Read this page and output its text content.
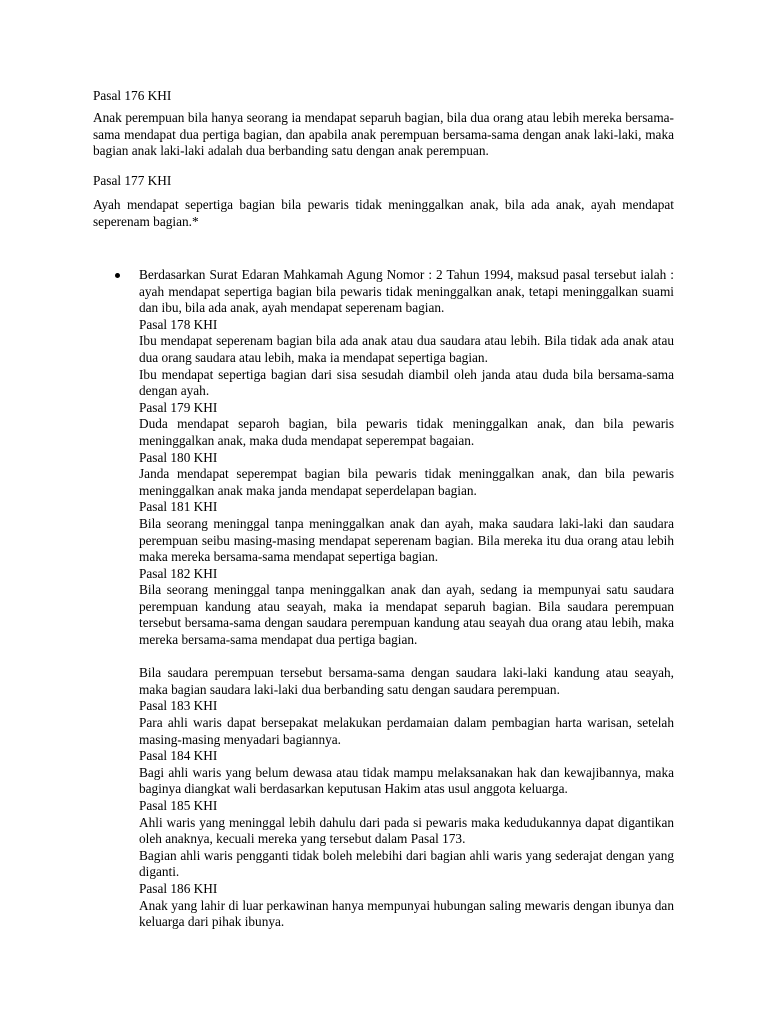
Pasal 176 KHI

Anak perempuan bila hanya seorang ia mendapat separuh bagian, bila dua orang atau lebih mereka bersama-sama mendapat dua pertiga bagian, dan apabila anak perempuan bersama-sama dengan anak laki-laki, maka bagian anak laki-laki adalah dua berbanding satu dengan anak perempuan.

Pasal 177 KHI

Ayah mendapat sepertiga bagian bila pewaris tidak meninggalkan anak, bila ada anak, ayah mendapat seperenam bagian.*

Berdasarkan Surat Edaran Mahkamah Agung Nomor : 2 Tahun 1994, maksud pasal tersebut ialah : ayah mendapat sepertiga bagian bila pewaris tidak meninggalkan anak, tetapi meninggalkan suami dan ibu, bila ada anak, ayah mendapat seperenam bagian.

Pasal 178 KHI

Ibu mendapat seperenam bagian bila ada anak atau dua saudara atau lebih. Bila tidak ada anak atau dua orang saudara atau lebih, maka ia mendapat sepertiga bagian.

Ibu mendapat sepertiga bagian dari sisa sesudah diambil oleh janda atau duda bila bersama-sama dengan ayah.

Pasal 179 KHI

Duda mendapat separoh bagian, bila pewaris tidak meninggalkan anak, dan bila pewaris meninggalkan anak, maka duda mendapat seperempat bagaian.

Pasal 180 KHI

Janda mendapat seperempat bagian bila pewaris tidak meninggalkan anak, dan bila pewaris meninggalkan anak maka janda mendapat seperdelapan bagian.

Pasal 181 KHI

Bila seorang meninggal tanpa meninggalkan anak dan ayah, maka saudara laki-laki dan saudara perempuan seibu masing-masing mendapat seperenam bagian. Bila mereka itu dua orang atau lebih maka mereka bersama-sama mendapat sepertiga bagian.

Pasal 182 KHI

Bila seorang meninggal tanpa meninggalkan anak dan ayah, sedang ia mempunyai satu saudara perempuan kandung atau seayah, maka ia mendapat separuh bagian. Bila saudara perempuan tersebut bersama-sama dengan saudara perempuan kandung atau seayah dua orang atau lebih, maka mereka bersama-sama mendapat dua pertiga bagian.

Bila saudara perempuan tersebut bersama-sama dengan saudara laki-laki kandung atau seayah, maka bagian saudara laki-laki dua berbanding satu dengan saudara perempuan.

Pasal 183 KHI

Para ahli waris dapat bersepakat melakukan perdamaian dalam pembagian harta warisan, setelah masing-masing menyadari bagiannya.

Pasal 184 KHI

Bagi ahli waris yang belum dewasa atau tidak mampu melaksanakan hak dan kewajibannya, maka baginya diangkat wali berdasarkan keputusan Hakim atas usul anggota keluarga.

Pasal 185 KHI

Ahli waris yang meninggal lebih dahulu dari pada si pewaris maka kedudukannya dapat digantikan oleh anaknya, kecuali mereka yang tersebut dalam Pasal 173.

Bagian ahli waris pengganti tidak boleh melebihi dari bagian ahli waris yang sederajat dengan yang diganti.

Pasal 186 KHI

Anak yang lahir di luar perkawinan hanya mempunyai hubungan saling mewaris dengan ibunya dan keluarga dari pihak ibunya.
